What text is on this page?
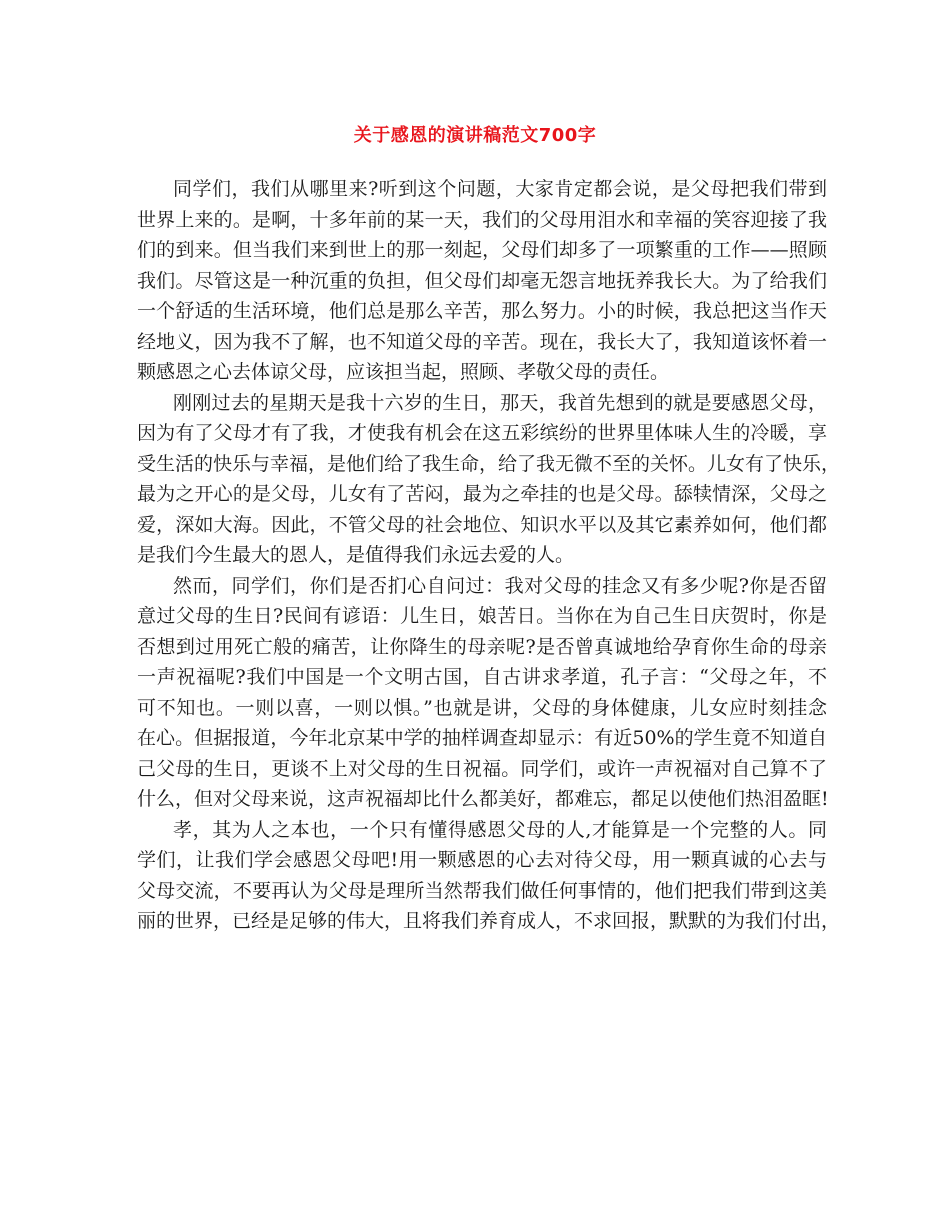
关于感恩的演讲稿范文700字
同学们，我们从哪里来?听到这个问题，大家肯定都会说，是父母把我们带到
世界上来的。是啊，十多年前的某一天，我们的父母用泪水和幸福的笑容迎接了我
们的到来。但当我们来到世上的那一刻起，父母们却多了一项繁重的工作——照顾
我们。尽管这是一种沉重的负担，但父母们却毫无怨言地抚养我长大。为了给我们
一个舒适的生活环境，他们总是那么辛苦，那么努力。小的时候，我总把这当作天
经地义，因为我不了解，也不知道父母的辛苦。现在，我长大了，我知道该怀着一
颗感恩之心去体谅父母，应该担当起，照顾、孝敬父母的责任。
刚刚过去的星期天是我十六岁的生日，那天，我首先想到的就是要感恩父母，
因为有了父母才有了我，才使我有机会在这五彩缤纷的世界里体味人生的冷暖，享
受生活的快乐与幸福，是他们给了我生命，给了我无微不至的关怀。儿女有了快乐，
最为之开心的是父母，儿女有了苦闷，最为之牵挂的也是父母。舔犊情深，父母之
爱，深如大海。因此，不管父母的社会地位、知识水平以及其它素养如何，他们都
是我们今生最大的恩人，是值得我们永远去爱的人。
然而，同学们，你们是否扪心自问过：我对父母的挂念又有多少呢?你是否留
意过父母的生日?民间有谚语：儿生日，娘苦日。当你在为自己生日庆贺时，你是
否想到过用死亡般的痛苦，让你降生的母亲呢?是否曾真诚地给孕育你生命的母亲
一声祝福呢?我们中国是一个文明古国，自古讲求孝道，孔子言：“父母之年，不
可不知也。一则以喜，一则以惧。”也就是讲，父母的身体健康，儿女应时刻挂念
在心。但据报道，今年北京某中学的抽样调查却显示：有近50%的学生竟不知道自
己父母的生日，更谈不上对父母的生日祝福。同学们，或许一声祝福对自己算不了
什么，但对父母来说，这声祝福却比什么都美好，都难忘，都足以使他们热泪盈眶!
孝，其为人之本也，一个只有懂得感恩父母的人,才能算是一个完整的人。同
学们，让我们学会感恩父母吧!用一颗感恩的心去对待父母，用一颗真诚的心去与
父母交流，不要再认为父母是理所当然帮我们做任何事情的，他们把我们带到这美
丽的世界，已经是足够的伟大，且将我们养育成人，不求回报，默默的为我们付出，
